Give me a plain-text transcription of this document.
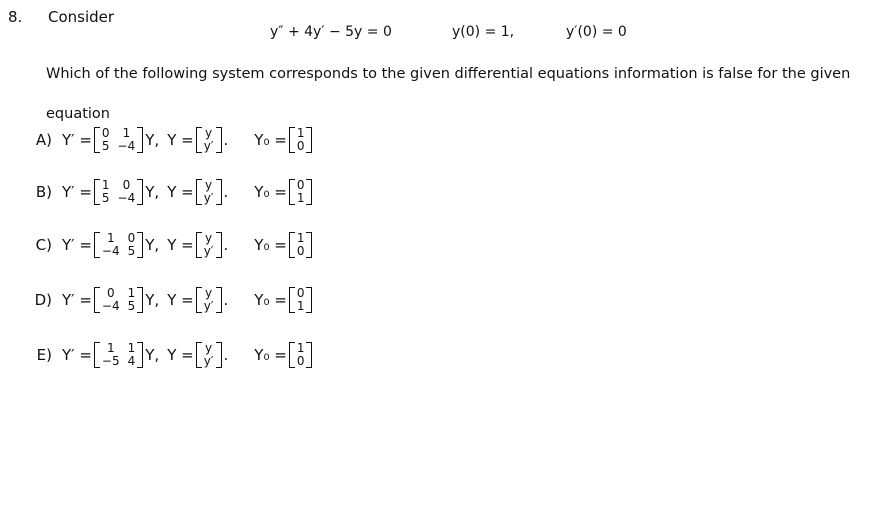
8. Consider
y″ + 4y′ − 5y = 0	y(0) = 1,	y′(0) = 0
Which of the following system corresponds to the given differential equations information is false for the given equation
A) Y′ = 0	1
5 −4 Y, Y = y
y′ . Y₀ = 1
0
B) Y′ = 1	0
5 −4 Y, Y = y
y′ . Y₀ = 0
1
C) Y′ =	1	0
−4 5 Y, Y = y
y′ . Y₀ = 1
0
D) Y′ =	0	1
−4 5 Y, Y = y
y′ . Y₀ = 0
1
E) Y′ =	1	1
−5 4 Y, Y = y
y′ . Y₀ = 1
0
